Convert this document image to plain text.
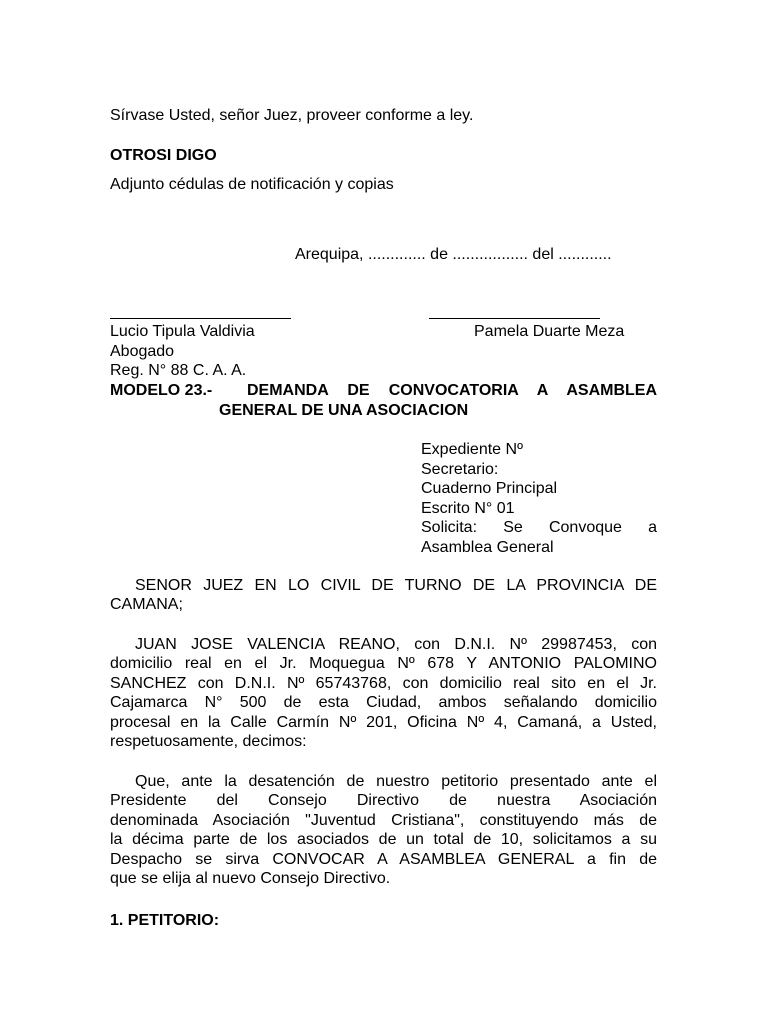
Sírvase Usted, señor Juez, proveer conforme a ley.
OTROSI DIGO
Adjunto cédulas de notificación y copias
Arequipa, ............. de ................. del ............
Lucio Tipula Valdivia	Pamela Duarte Meza
Abogado
Reg. N° 88 C. A. A.
MODELO 23.- DEMANDA DE CONVOCATORIA A ASAMBLEA
GENERAL DE UNA ASOCIACION
Expediente Nº
Secretario:
Cuaderno Principal
Escrito N° 01
Solicita: Se Convoque a
Asamblea General

SENOR JUEZ EN LO CIVIL DE TURNO DE LA PROVINCIA DE

CAMANA;

JUAN JOSE VALENCIA REANO, con D.N.I. Nº 29987453, con

domicilio real en el Jr. Moquegua Nº 678 Y ANTONIO PALOMINO

SANCHEZ con D.N.I. Nº 65743768, con domicilio real sito en el Jr.

Cajamarca N° 500 de esta Ciudad, ambos señalando domicilio

procesal en la Calle Carmín Nº 201, Oficina Nº 4, Camaná, a Usted,

respetuosamente, decimos:

Que, ante la desatención de nuestro petitorio presentado ante el

Presidente del Consejo Directivo de nuestra Asociación

denominada Asociación "Juventud Cristiana", constituyendo más de

la décima parte de los asociados de un total de 10, solicitamos a su

Despacho se sirva CONVOCAR A ASAMBLEA GENERAL a fin de

que se elija al nuevo Consejo Directivo.

1. PETITORIO:
